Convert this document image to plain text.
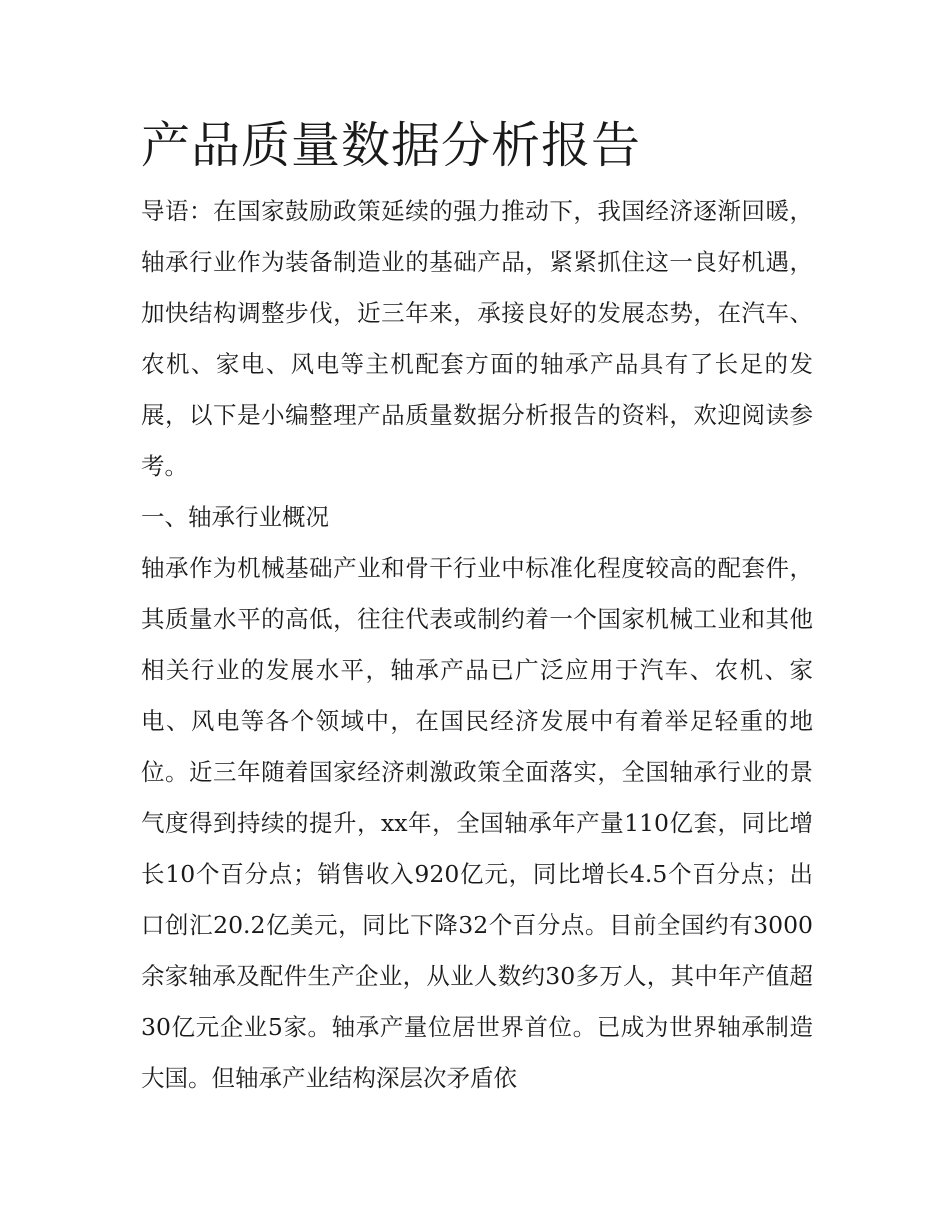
产品质量数据分析报告

导语：在国家鼓励政策延续的强力推动下，我国经济逐渐回暖，轴承行业作为装备制造业的基础产品，紧紧抓住这一良好机遇，加快结构调整步伐，近三年来，承接良好的发展态势，在汽车、农机、家电、风电等主机配套方面的轴承产品具有了长足的发展，以下是小编整理产品质量数据分析报告的资料，欢迎阅读参考。

一、轴承行业概况

轴承作为机械基础产业和骨干行业中标准化程度较高的配套件，其质量水平的高低，往往代表或制约着一个国家机械工业和其他相关行业的发展水平，轴承产品已广泛应用于汽车、农机、家电、风电等各个领域中，在国民经济发展中有着举足轻重的地位。近三年随着国家经济刺激政策全面落实，全国轴承行业的景气度得到持续的提升，xx年，全国轴承年产量110亿套，同比增长10个百分点；销售收入920亿元，同比增长4.5个百分点；出口创汇20.2亿美元，同比下降32个百分点。目前全国约有3000余家轴承及配件生产企业，从业人数约30多万人，其中年产值超30亿元企业5家。轴承产量位居世界首位。已成为世界轴承制造大国。但轴承产业结构深层次矛盾依
